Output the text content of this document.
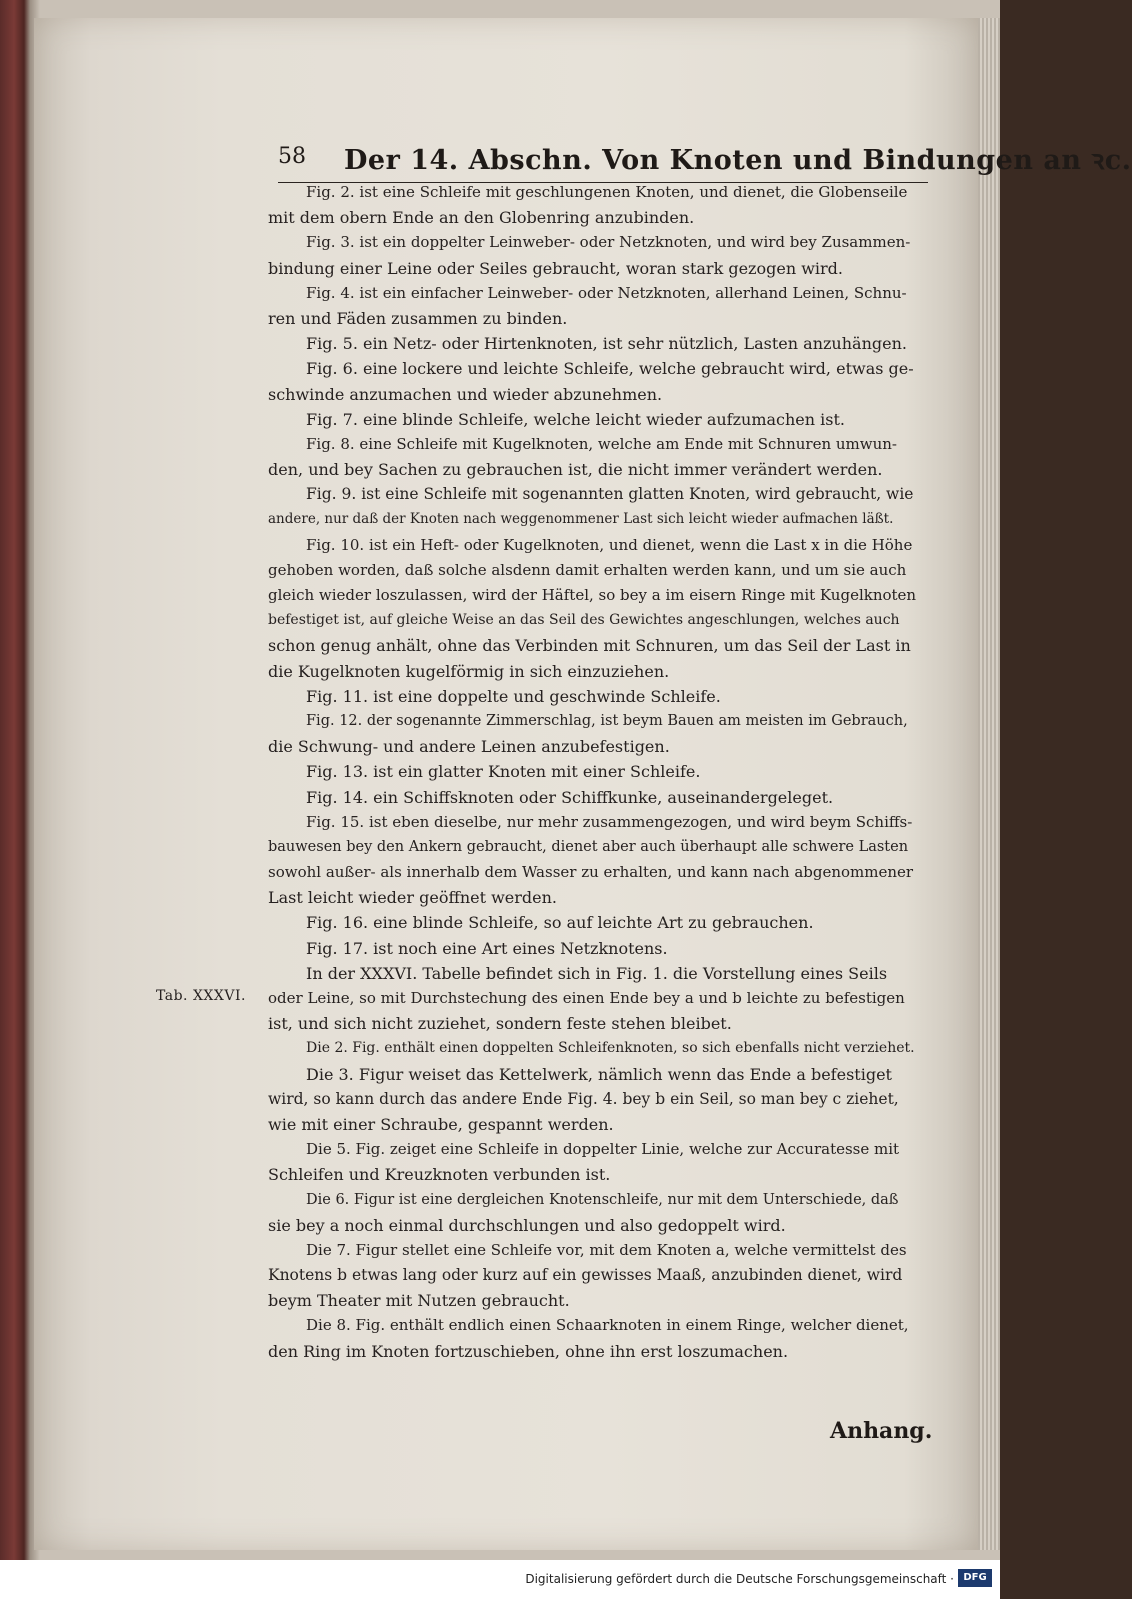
58 Der 14. Abschn. Von Knoten und Bindungen an ꝛc.
Tab. XXXVI.
Fig. 2. ist eine Schleife mit geschlungenen Knoten, und dienet, die Globenseile
mit dem obern Ende an den Globenring anzubinden.
Fig. 3. ist ein doppelter Leinweber- oder Netzknoten, und wird bey Zusammen-
bindung einer Leine oder Seiles gebraucht, woran stark gezogen wird.
Fig. 4. ist ein einfacher Leinweber- oder Netzknoten, allerhand Leinen, Schnu-
ren und Fäden zusammen zu binden.
Fig. 5. ein Netz- oder Hirtenknoten, ist sehr nützlich, Lasten anzuhängen.
Fig. 6. eine lockere und leichte Schleife, welche gebraucht wird, etwas ge-
schwinde anzumachen und wieder abzunehmen.
Fig. 7. eine blinde Schleife, welche leicht wieder aufzumachen ist.
Fig. 8. eine Schleife mit Kugelknoten, welche am Ende mit Schnuren umwun-
den, und bey Sachen zu gebrauchen ist, die nicht immer verändert werden.
Fig. 9. ist eine Schleife mit sogenannten glatten Knoten, wird gebraucht, wie
andere, nur daß der Knoten nach weggenommener Last sich leicht wieder aufmachen läßt.
Fig. 10. ist ein Heft- oder Kugelknoten, und dienet, wenn die Last x in die Höhe
gehoben worden, daß solche alsdenn damit erhalten werden kann, und um sie auch
gleich wieder loszulassen, wird der Häftel, so bey a im eisern Ringe mit Kugelknoten
befestiget ist, auf gleiche Weise an das Seil des Gewichtes angeschlungen, welches auch
schon genug anhält, ohne das Verbinden mit Schnuren, um das Seil der Last in
die Kugelknoten kugelförmig in sich einzuziehen.
Fig. 11. ist eine doppelte und geschwinde Schleife.
Fig. 12. der sogenannte Zimmerschlag, ist beym Bauen am meisten im Gebrauch,
die Schwung- und andere Leinen anzubefestigen.
Fig. 13. ist ein glatter Knoten mit einer Schleife.
Fig. 14. ein Schiffsknoten oder Schiffkunke, auseinandergeleget.
Fig. 15. ist eben dieselbe, nur mehr zusammengezogen, und wird beym Schiffs-
bauwesen bey den Ankern gebraucht, dienet aber auch überhaupt alle schwere Lasten
sowohl außer- als innerhalb dem Wasser zu erhalten, und kann nach abgenommener
Last leicht wieder geöffnet werden.
Fig. 16. eine blinde Schleife, so auf leichte Art zu gebrauchen.
Fig. 17. ist noch eine Art eines Netzknotens.
In der XXXVI. Tabelle befindet sich in Fig. 1. die Vorstellung eines Seils
oder Leine, so mit Durchstechung des einen Ende bey a und b leichte zu befestigen
ist, und sich nicht zuziehet, sondern feste stehen bleibet.
Die 2. Fig. enthält einen doppelten Schleifenknoten, so sich ebenfalls nicht verziehet.
Die 3. Figur weiset das Kettelwerk, nämlich wenn das Ende a befestiget
wird, so kann durch das andere Ende Fig. 4. bey b ein Seil, so man bey c ziehet,
wie mit einer Schraube, gespannt werden.
Die 5. Fig. zeiget eine Schleife in doppelter Linie, welche zur Accuratesse mit
Schleifen und Kreuzknoten verbunden ist.
Die 6. Figur ist eine dergleichen Knotenschleife, nur mit dem Unterschiede, daß
sie bey a noch einmal durchschlungen und also gedoppelt wird.
Die 7. Figur stellet eine Schleife vor, mit dem Knoten a, welche vermittelst des
Knotens b etwas lang oder kurz auf ein gewisses Maaß, anzubinden dienet, wird
beym Theater mit Nutzen gebraucht.
Die 8. Fig. enthält endlich einen Schaarknoten in einem Ringe, welcher dienet,
den Ring im Knoten fortzuschieben, ohne ihn erst loszumachen.
Anhang.
Digitalisierung gefördert durch die Deutsche Forschungsgemeinschaft · DFG
